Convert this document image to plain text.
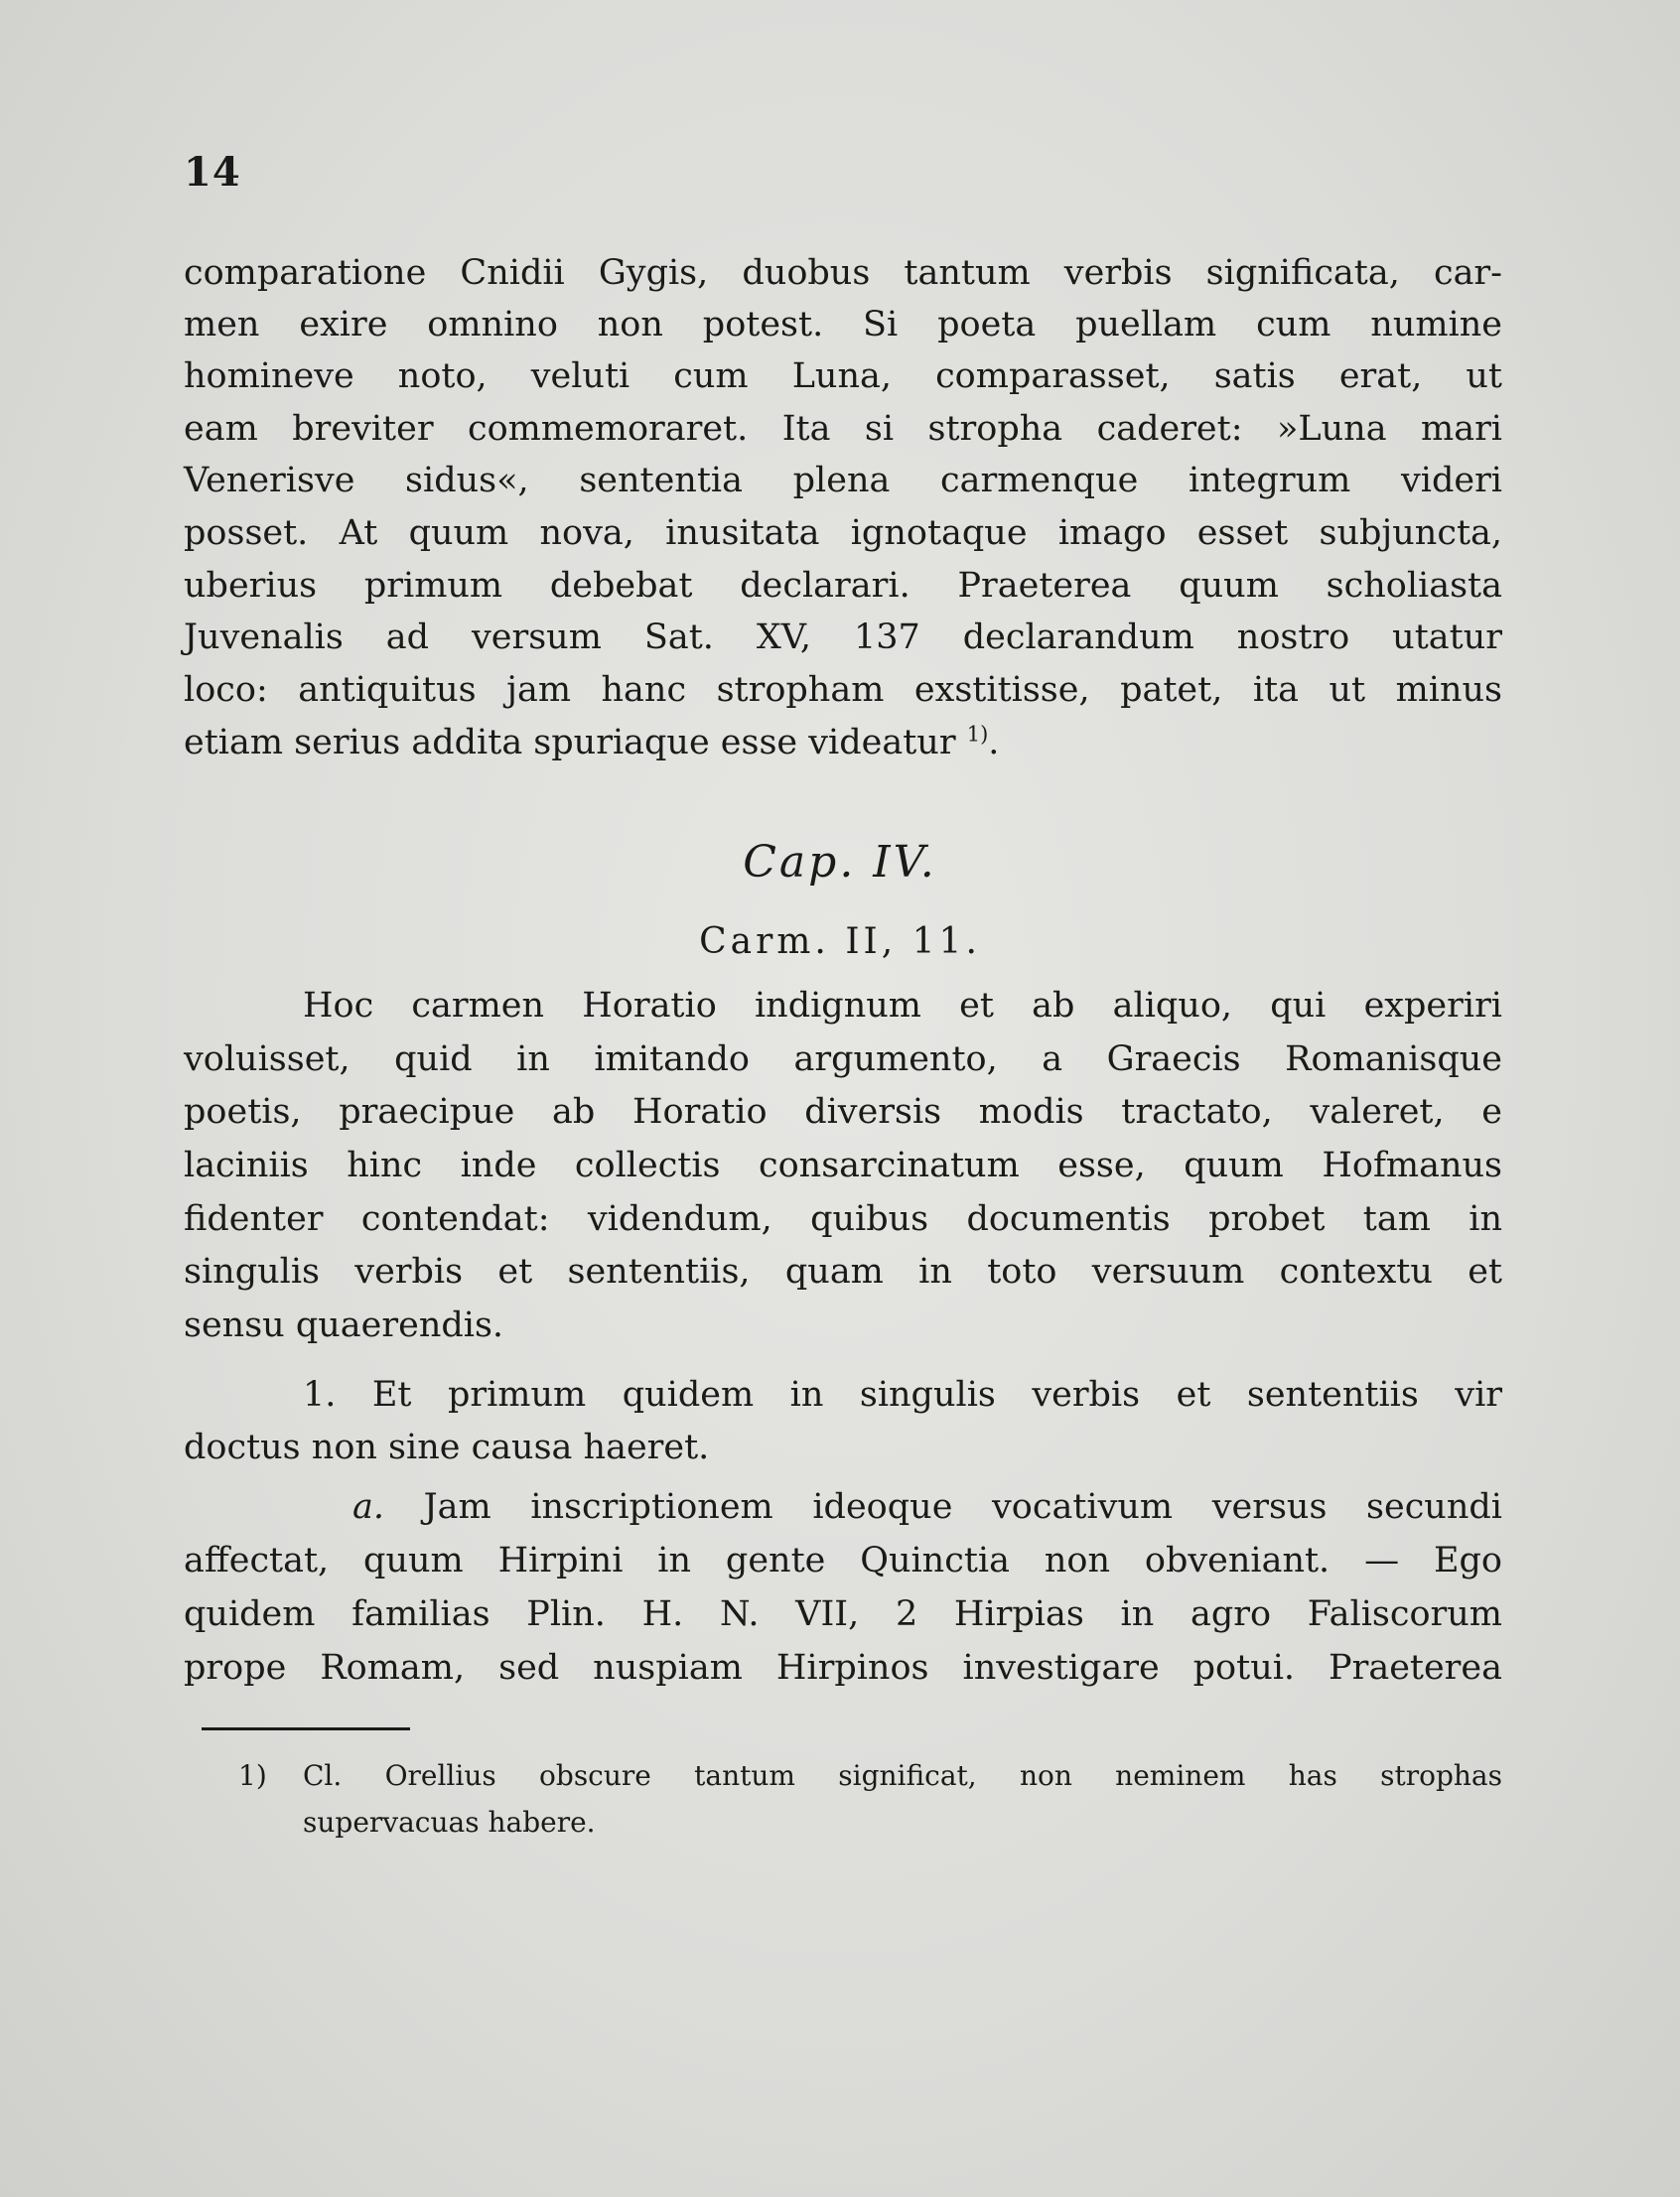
14
comparatione Cnidii Gygis, duobus tantum verbis significata, car-
men exire omnino non potest. Si poeta puellam cum numine
homineve noto, veluti cum Luna, comparasset, satis erat, ut
eam breviter commemoraret. Ita si stropha caderet: »Luna mari
Venerisve sidus«, sententia plena carmenque integrum videri
posset. At quum nova, inusitata ignotaque imago esset subjuncta,
uberius primum debebat declarari. Praeterea quum scholiasta
Juvenalis ad versum Sat. XV, 137 declarandum nostro utatur
loco: antiquitus jam hanc stropham exstitisse, patet, ita ut minus
etiam serius addita spuriaque esse videatur $^{1)}$.
Cap. IV.
Carm. II, 11.
Hoc carmen Horatio indignum et ab aliquo, qui experiri
voluisset, quid in imitando argumento, a Graecis Romanisque
poetis, praecipue ab Horatio diversis modis tractato, valeret, e
laciniis hinc inde collectis consarcinatum esse, quum Hofmanus
fidenter contendat: videndum, quibus documentis probet tam in
singulis verbis et sententiis, quam in toto versuum contextu et
sensu quaerendis.
1. Et primum quidem in singulis verbis et sententiis vir
doctus non sine causa haeret.
a. Jam inscriptionem ideoque vocativum versus secundi
affectat, quum Hirpini in gente Quinctia non obveniant. — Ego
quidem familias Plin. H. N. VII, 2 Hirpias in agro Faliscorum
prope Romam, sed nuspiam Hirpinos investigare potui. Praeterea
1) Cl. Orellius obscure tantum significat, non neminem has strophas
supervacuas habere.
